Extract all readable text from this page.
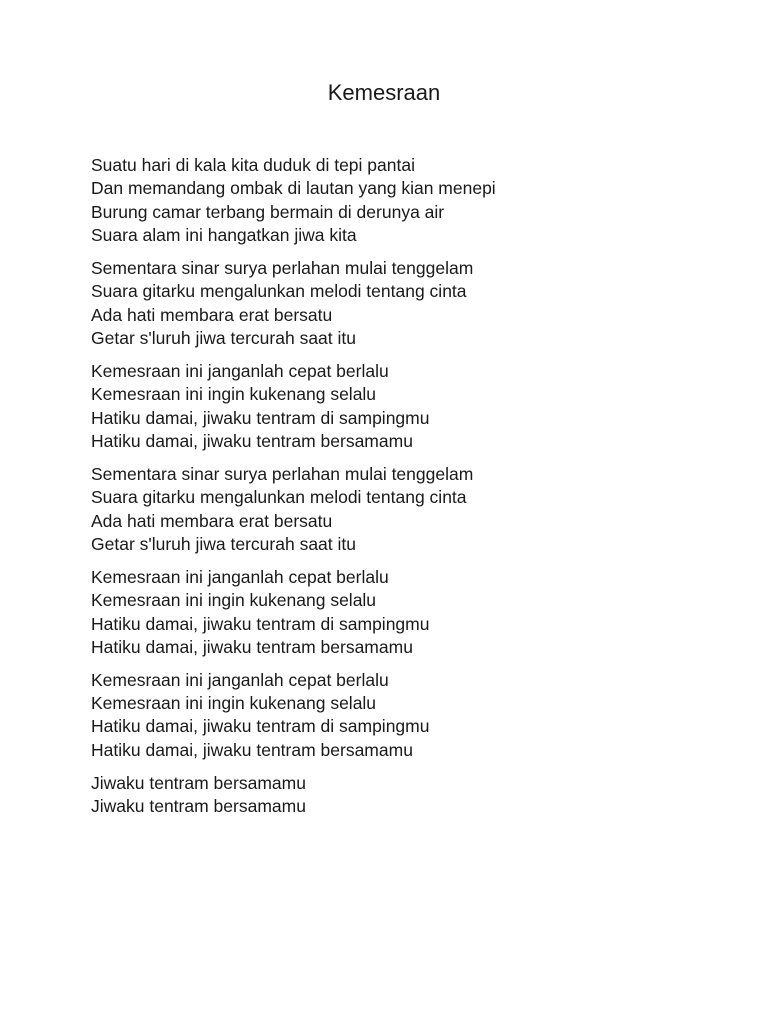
Kemesraan
Suatu hari di kala kita duduk di tepi pantai
Dan memandang ombak di lautan yang kian menepi
Burung camar terbang bermain di derunya air
Suara alam ini hangatkan jiwa kita
Sementara sinar surya perlahan mulai tenggelam
Suara gitarku mengalunkan melodi tentang cinta
Ada hati membara erat bersatu
Getar s'luruh jiwa tercurah saat itu
Kemesraan ini janganlah cepat berlalu
Kemesraan ini ingin kukenang selalu
Hatiku damai, jiwaku tentram di sampingmu
Hatiku damai, jiwaku tentram bersamamu
Sementara sinar surya perlahan mulai tenggelam
Suara gitarku mengalunkan melodi tentang cinta
Ada hati membara erat bersatu
Getar s'luruh jiwa tercurah saat itu
Kemesraan ini janganlah cepat berlalu
Kemesraan ini ingin kukenang selalu
Hatiku damai, jiwaku tentram di sampingmu
Hatiku damai, jiwaku tentram bersamamu
Kemesraan ini janganlah cepat berlalu
Kemesraan ini ingin kukenang selalu
Hatiku damai, jiwaku tentram di sampingmu
Hatiku damai, jiwaku tentram bersamamu
Jiwaku tentram bersamamu
Jiwaku tentram bersamamu
